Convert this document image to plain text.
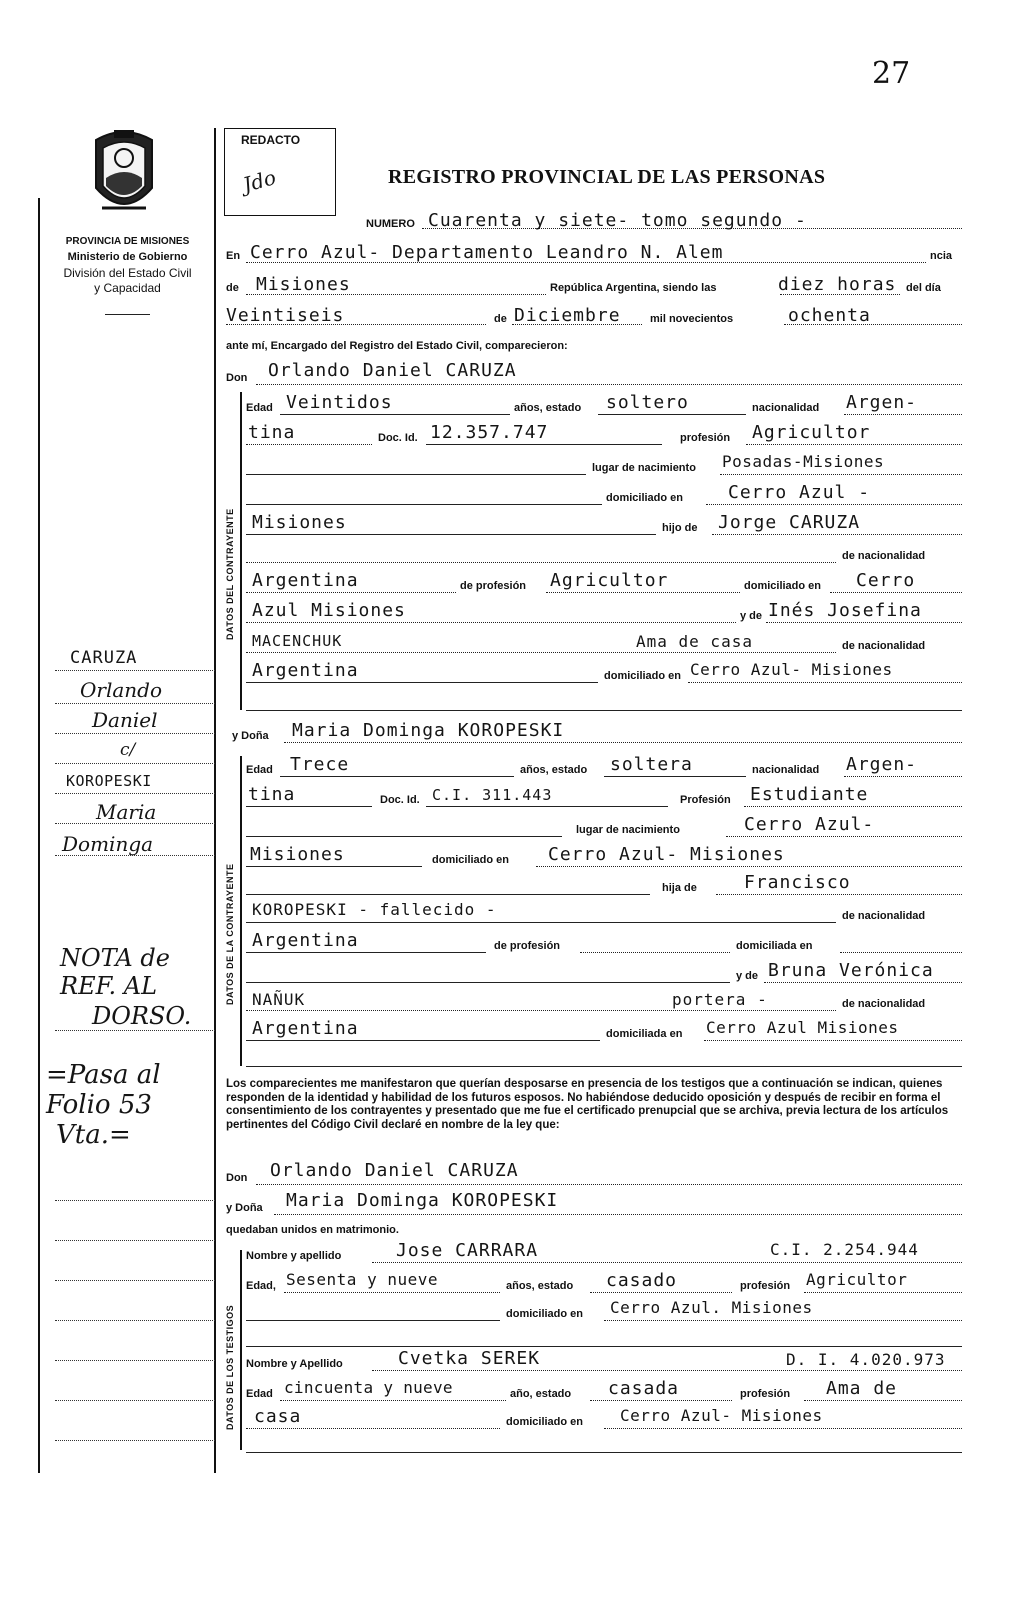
27
PROVINCIA DE MISIONES
Ministerio de Gobierno
División del Estado Civil
y Capacidad
REDACTO
Jdo	REGISTRO PROVINCIAL DE LAS PERSONAS
DATOS DEL CONTRAYENTE
DATOS DE LA CONTRAYENTE
DATOS DE LOS TESTIGOS
CARUZA
Orlando
Daniel
c/
KOROPESKI
Maria
Dominga
NOTA de
REF. AL
DORSO.
=Pasa al
Folio 53
Vta.=
NUMERO Cuarenta y siete- tomo segundo -
En Cerro Azul- Departamento Leandro N. Alem	ncia
de Misiones	República Argentina, siendo las	diez horas del día
Veintiseis	de Diciembre	mil novecientos	ochenta
ante mí, Encargado del Registro del Estado Civil, comparecieron:
Don Orlando Daniel CARUZA
Edad Veintidos	años, estado soltero	nacionalidad Argen-
tina	Doc. Id. 12.357.747	profesión Agricultor
lugar de nacimiento Posadas-Misiones
domiciliado en Cerro Azul -
Misiones	hijo de Jorge CARUZA
de nacionalidad
Argentina	de profesión Agricultor	domiciliado en Cerro
Azul Misiones	y de Inés Josefina
MACENCHUK	Ama de casa	de nacionalidad
Argentina	domiciliado en Cerro Azul- Misiones
y Doña Maria Dominga KOROPESKI
Edad Trece	años, estado soltera	nacionalidad Argen-
tina	Doc. Id. C.I. 311.443	Profesión Estudiante
lugar de nacimiento	Cerro Azul-
Misiones	domiciliado en Cerro Azul- Misiones
hija de	Francisco
KOROPESKI - fallecido -	de nacionalidad
Argentina	de profesión	domiciliada en
y de Bruna Verónica
NAÑUK	portera -	de nacionalidad
Argentina	domiciliada en Cerro Azul Misiones
Los comparecientes me manifestaron que querían desposarse en presencia de los testigos que a continuación se indican, quienes responden de la identidad y habilidad de los futuros esposos. No habiéndose deducido oposición y después de recibir en forma el consentimiento de los contrayentes y presentado que me fue el certificado prenupcial que se archiva, previa lectura de los artículos pertinentes del Código Civil declaré en nombre de la ley que:
Don Orlando Daniel CARUZA
y Doña Maria Dominga KOROPESKI
quedaban unidos en matrimonio.
Nombre y apellido	Jose CARRARA	C.I. 2.254.944
Edad, Sesenta y nueve	años, estado casado	profesión Agricultor
domiciliado en Cerro Azul. Misiones
Nombre y Apellido	Cvetka SEREK	D. I. 4.020.973
Edad cincuenta y nueve	año, estado casada	profesión Ama de
casa	domiciliado en Cerro Azul- Misiones
